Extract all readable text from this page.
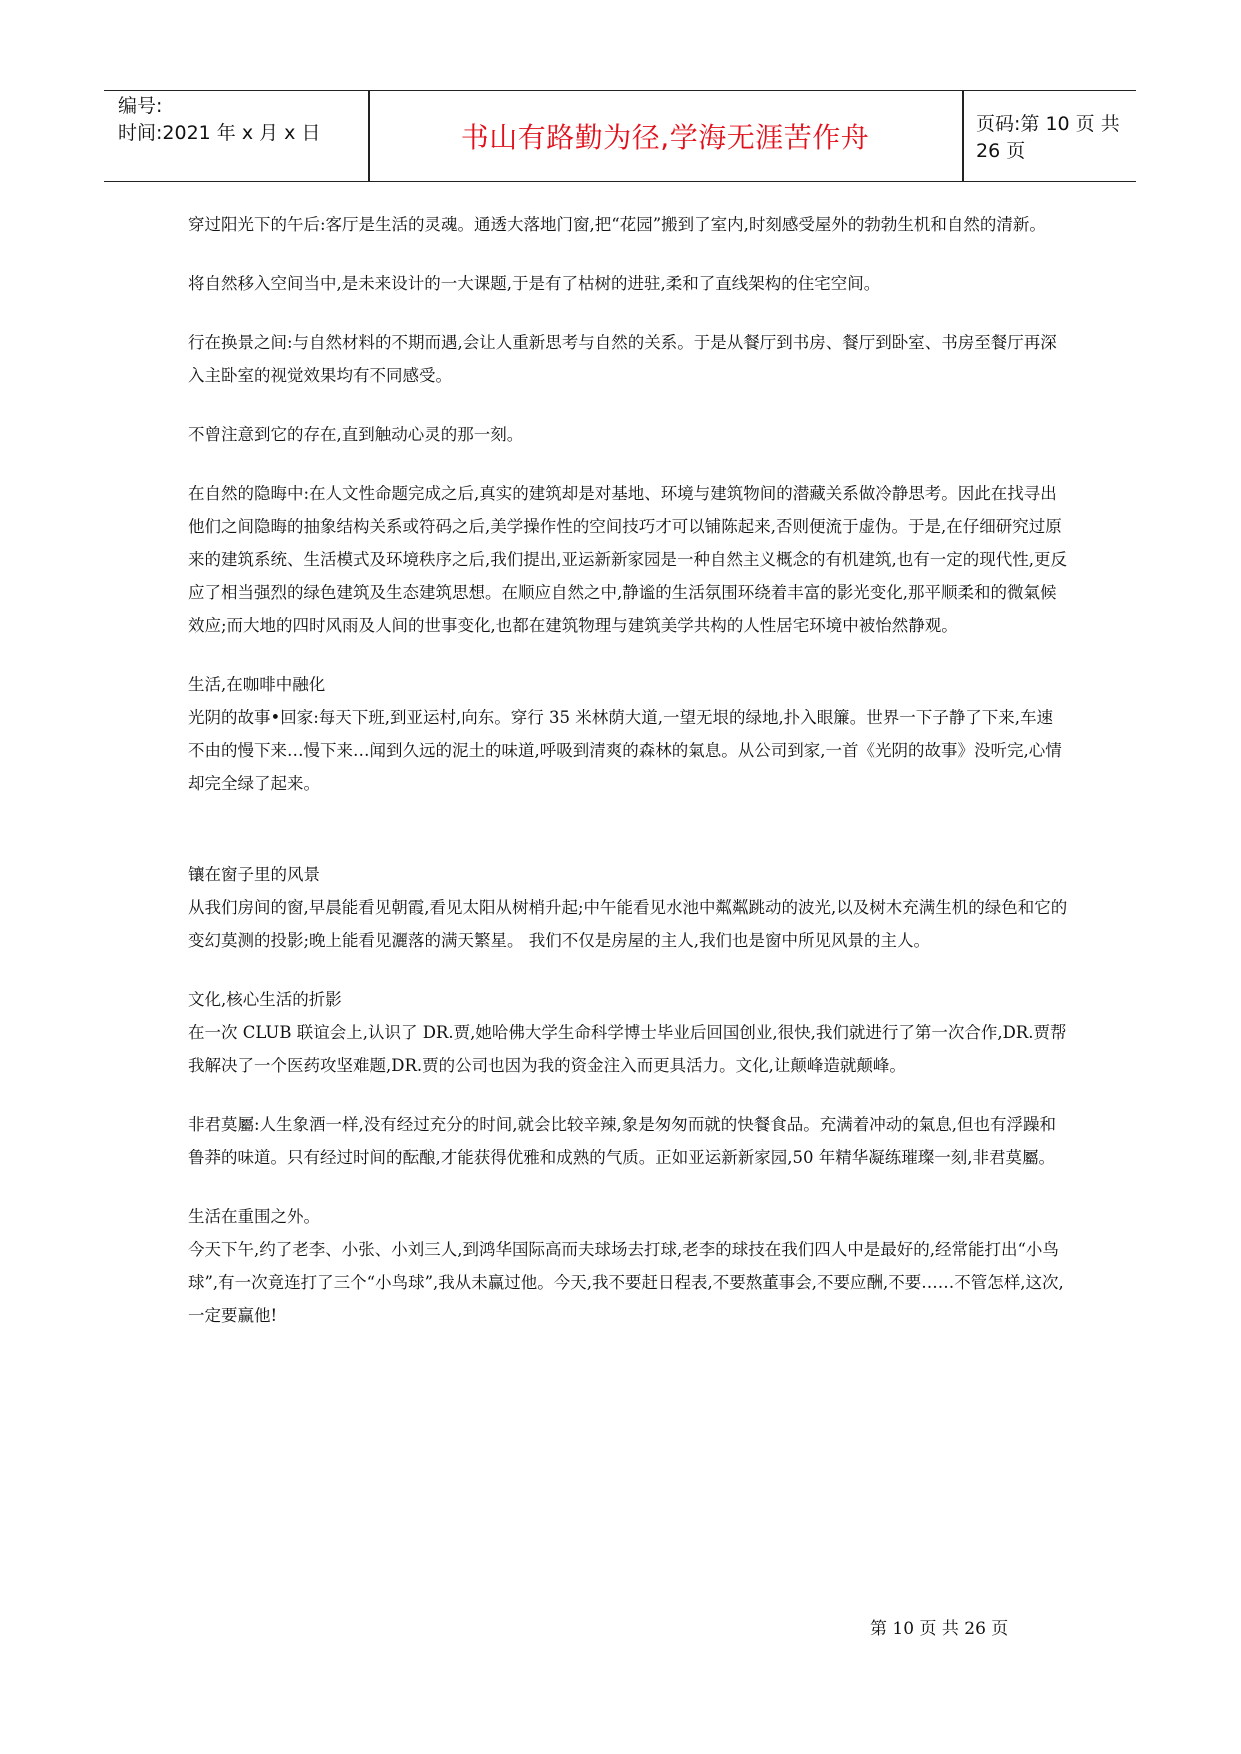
编号:
时间:2021 年 x 月 x 日	书山有路勤为径,学海无涯苦作舟	页码:第 10 页 共 26 页

穿过阳光下的午后:客厅是生活的灵魂。通透大落地门窗,把“花园”搬到了室内,时刻感受屋外的勃勃生机和自然的清新。

将自然移入空间当中,是未来设计的一大课题,于是有了枯树的进驻,柔和了直线架构的住宅空间。

行在换景之间:与自然材料的不期而遇,会让人重新思考与自然的关系。于是从餐厅到书房、餐厅到卧室、书房至餐厅再深入主卧室的视觉效果均有不同感受。

不曾注意到它的存在,直到触动心灵的那一刻。

在自然的隐晦中:在人文性命题完成之后,真实的建筑却是对基地、环境与建筑物间的潜藏关系做冷静思考。因此在找寻出他们之间隐晦的抽象结构关系或符码之后,美学操作性的空间技巧才可以铺陈起来,否则便流于虚伪。于是,在仔细研究过原来的建筑系统、生活模式及环境秩序之后,我们提出,亚运新新家园是一种自然主义概念的有机建筑,也有一定的现代性,更反应了相当强烈的绿色建筑及生态建筑思想。在顺应自然之中,静谧的生活氛围环绕着丰富的影光变化,那平顺柔和的微氣候效应;而大地的四时风雨及人间的世事变化,也都在建筑物理与建筑美学共构的人性居宅环境中被怡然静观。

生活,在咖啡中融化
光阴的故事•回家:每天下班,到亚运村,向东。穿行 35 米林荫大道,一望无垠的绿地,扑入眼簾。世界一下子静了下来,车速不由的慢下来…慢下来…闻到久远的泥土的味道,呼吸到清爽的森林的氣息。从公司到家,一首《光阴的故事》没听完,心情却完全绿了起来。

镶在窗子里的风景
从我们房间的窗,早晨能看见朝霞,看见太阳从树梢升起;中午能看见水池中粼粼跳动的波光,以及树木充满生机的绿色和它的变幻莫测的投影;晚上能看见灑落的满天繁星。 我们不仅是房屋的主人,我们也是窗中所见风景的主人。

文化,核心生活的折影
在一次 CLUB 联谊会上,认识了 DR.贾,她哈佛大学生命科学博士毕业后回国创业,很快,我们就进行了第一次合作,DR.贾帮我解决了一个医药攻坚难题,DR.贾的公司也因为我的资金注入而更具活力。文化,让颠峰造就颠峰。

非君莫屬:人生象酒一样,没有经过充分的时间,就会比较辛辣,象是匆匆而就的快餐食品。充满着冲动的氣息,但也有浮躁和鲁莽的味道。只有经过时间的酝酿,才能获得优雅和成熟的气质。正如亚运新新家园,50 年精华凝练璀璨一刻,非君莫屬。

生活在重围之外。
今天下午,约了老李、小张、小刘三人,到鸿华国际高而夫球场去打球,老李的球技在我们四人中是最好的,经常能打出“小鸟球”,有一次竟连打了三个“小鸟球”,我从未赢过他。今天,我不要赶日程表,不要熬董事会,不要应酬,不要……不管怎样,这次,一定要赢他!

第 10 页 共 26 页
